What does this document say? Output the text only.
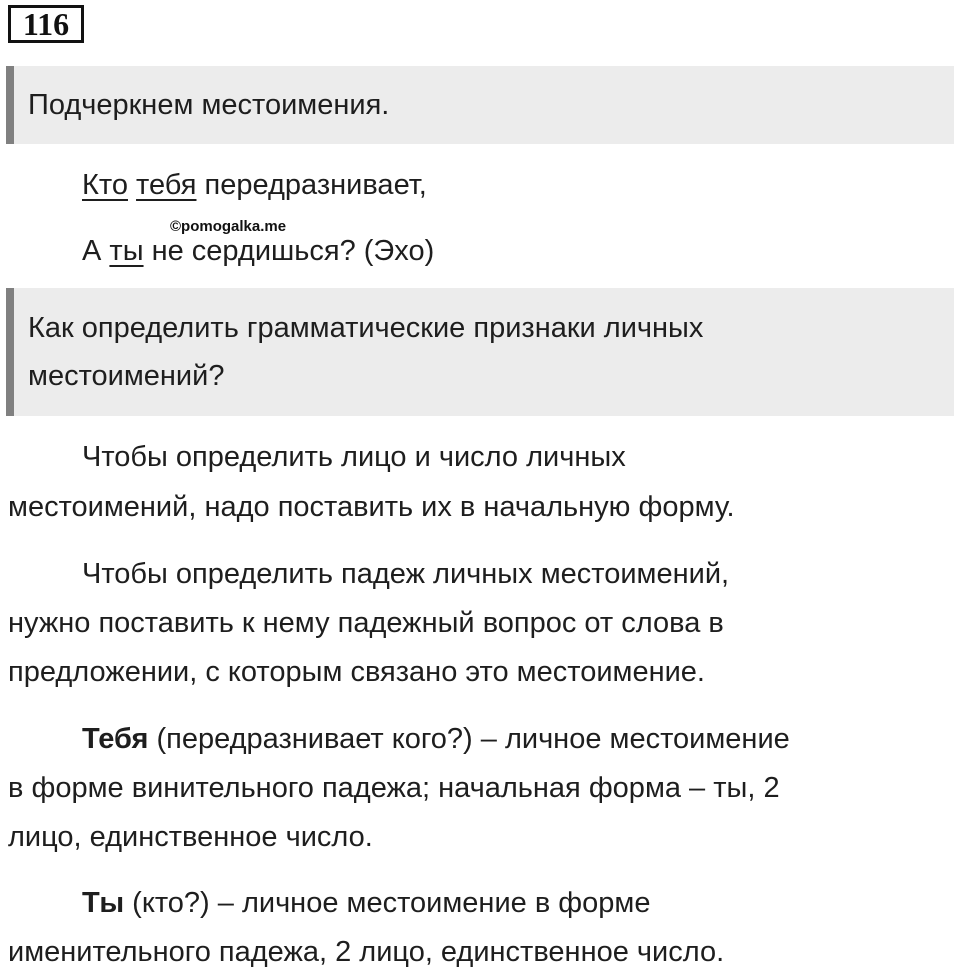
116
Подчеркнем местоимения.
Кто тебя передразнивает,
©pomogalka.me
А ты не сердишься? (Эхо)
Как определить грамматические признаки личных
местоимений?
Чтобы определить лицо и число личных
местоимений, надо поставить их в начальную форму.
Чтобы определить падеж личных местоимений,
нужно поставить к нему падежный вопрос от слова в
предложении, с которым связано это местоимение.
Тебя (передразнивает кого?) – личное местоимение
в форме винительного падежа; начальная форма – ты, 2
лицо, единственное число.
Ты (кто?) – личное местоимение в форме
именительного падежа, 2 лицо, единственное число.
